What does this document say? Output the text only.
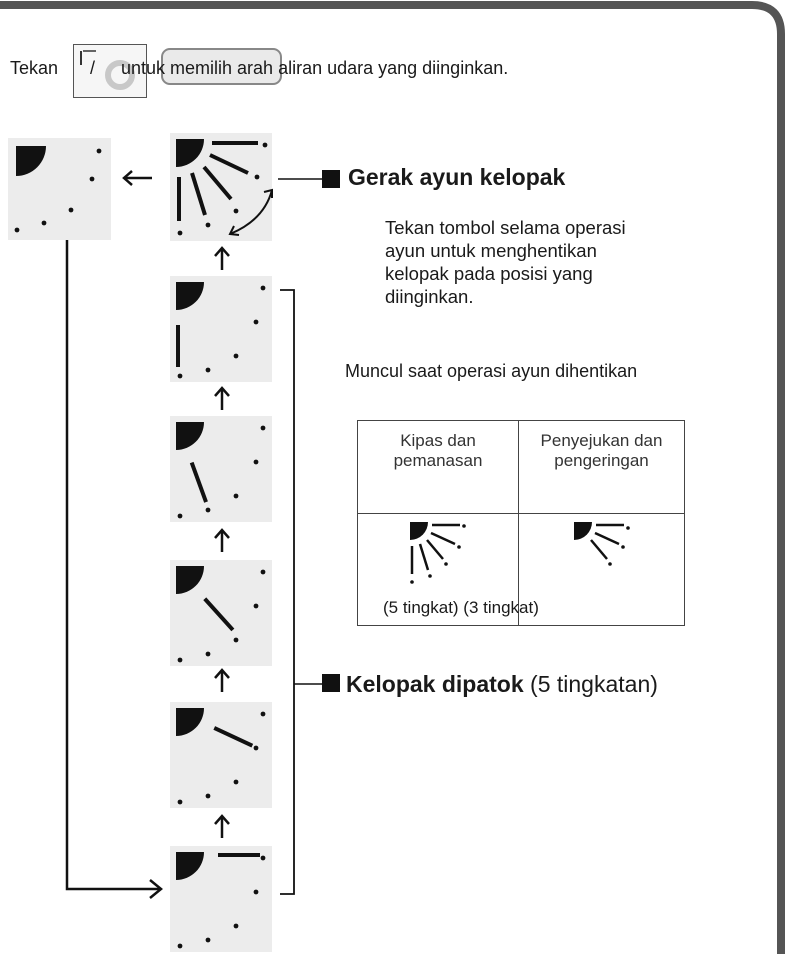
Tekan / untuk memilih arah aliran udara yang diinginkan.
Gerak ayun kelopak
Tekan tombol selama operasi ayun untuk menghentikan kelopak pada posisi yang diinginkan.
Kelopak dipatok (5 tingkatan)
Muncul saat operasi ayun dihentikan
Kipas dan pemanasan	Penyejukan dan pengeringan

(5 tingkat) (3 tingkat)
